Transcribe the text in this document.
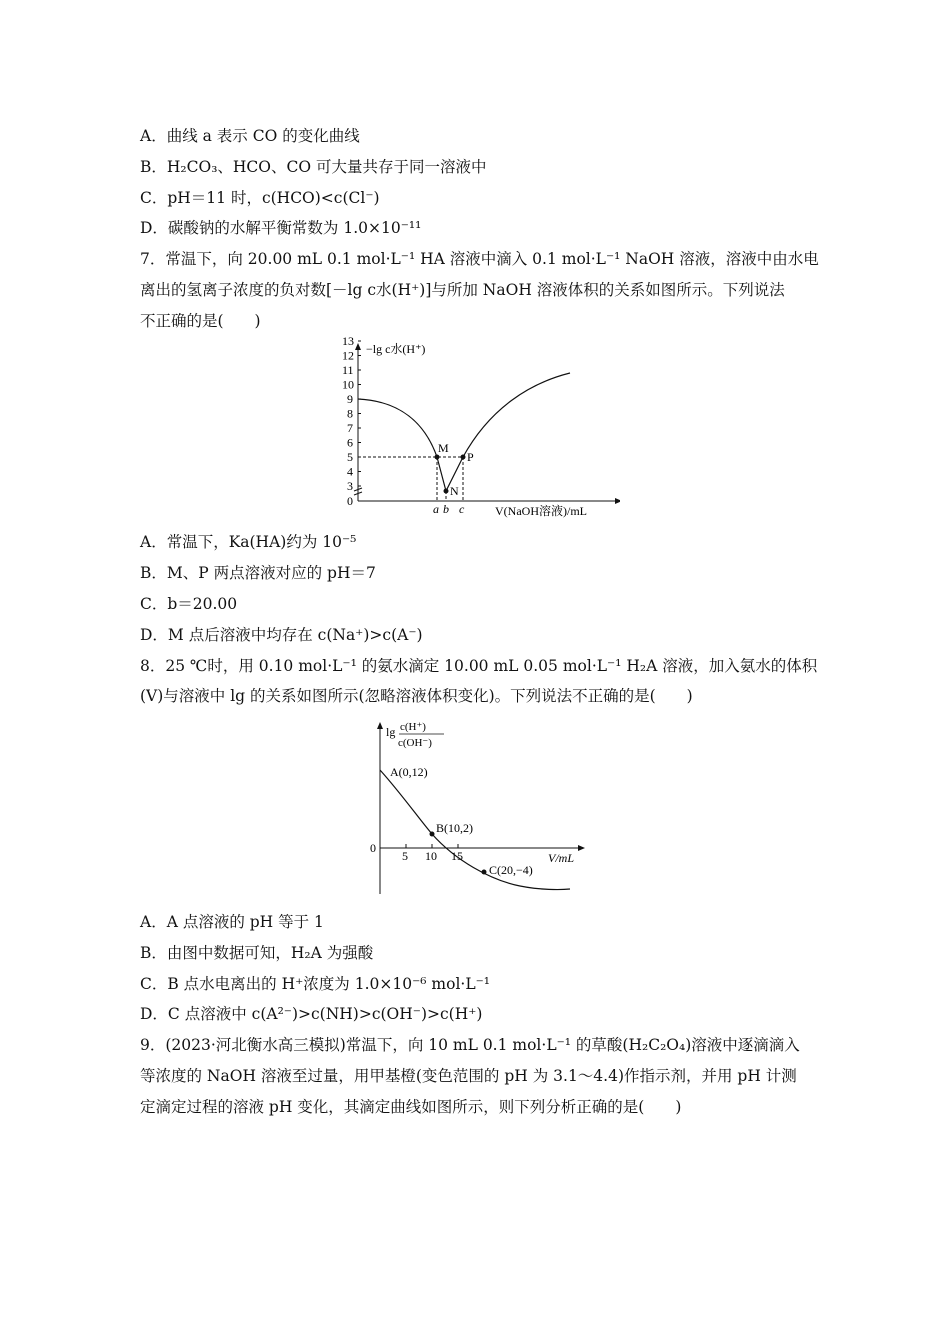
A．曲线 a 表示 CO 的变化曲线
B．H₂CO₃、HCO、CO 可大量共存于同一溶液中
C．pH＝11 时，c(HCO)<c(Cl⁻)
D．碳酸钠的水解平衡常数为 1.0×10⁻¹¹
7．常温下，向 20.00 mL 0.1 mol·L⁻¹ HA 溶液中滴入 0.1 mol·L⁻¹ NaOH 溶液，溶液中由水电
离出的氢离子浓度的负对数[－lg c水(H⁺)]与所加 NaOH 溶液体积的关系如图所示。下列说法
不正确的是(　　)
−lg c水(H⁺)
V(NaOH溶液)/mL
0
3
4
5
6
7
8
9
10
11
12
13
M
N
P
a b c
A．常温下，Ka(HA)约为 10⁻⁵
B．M、P 两点溶液对应的 pH＝7
C．b＝20.00
D．M 点后溶液中均存在 c(Na⁺)>c(A⁻)
8．25 ℃时，用 0.10 mol·L⁻¹ 的氨水滴定 10.00 mL 0.05 mol·L⁻¹ H₂A 溶液，加入氨水的体积
(V)与溶液中 lg 的关系如图所示(忽略溶液体积变化)。下列说法不正确的是(　　)
lg c(H⁺)
c(OH⁻)
0
5 10 15	V/mL
A(0,12)
B(10,2)
C(20,−4)
A．A 点溶液的 pH 等于 1
B．由图中数据可知，H₂A 为强酸
C．B 点水电离出的 H⁺浓度为 1.0×10⁻⁶ mol·L⁻¹
D．C 点溶液中 c(A²⁻)>c(NH)>c(OH⁻)>c(H⁺)
9．(2023·河北衡水高三模拟)常温下，向 10 mL 0.1 mol·L⁻¹ 的草酸(H₂C₂O₄)溶液中逐滴滴入
等浓度的 NaOH 溶液至过量，用甲基橙(变色范围的 pH 为 3.1～4.4)作指示剂，并用 pH 计测
定滴定过程的溶液 pH 变化，其滴定曲线如图所示，则下列分析正确的是(　　)
